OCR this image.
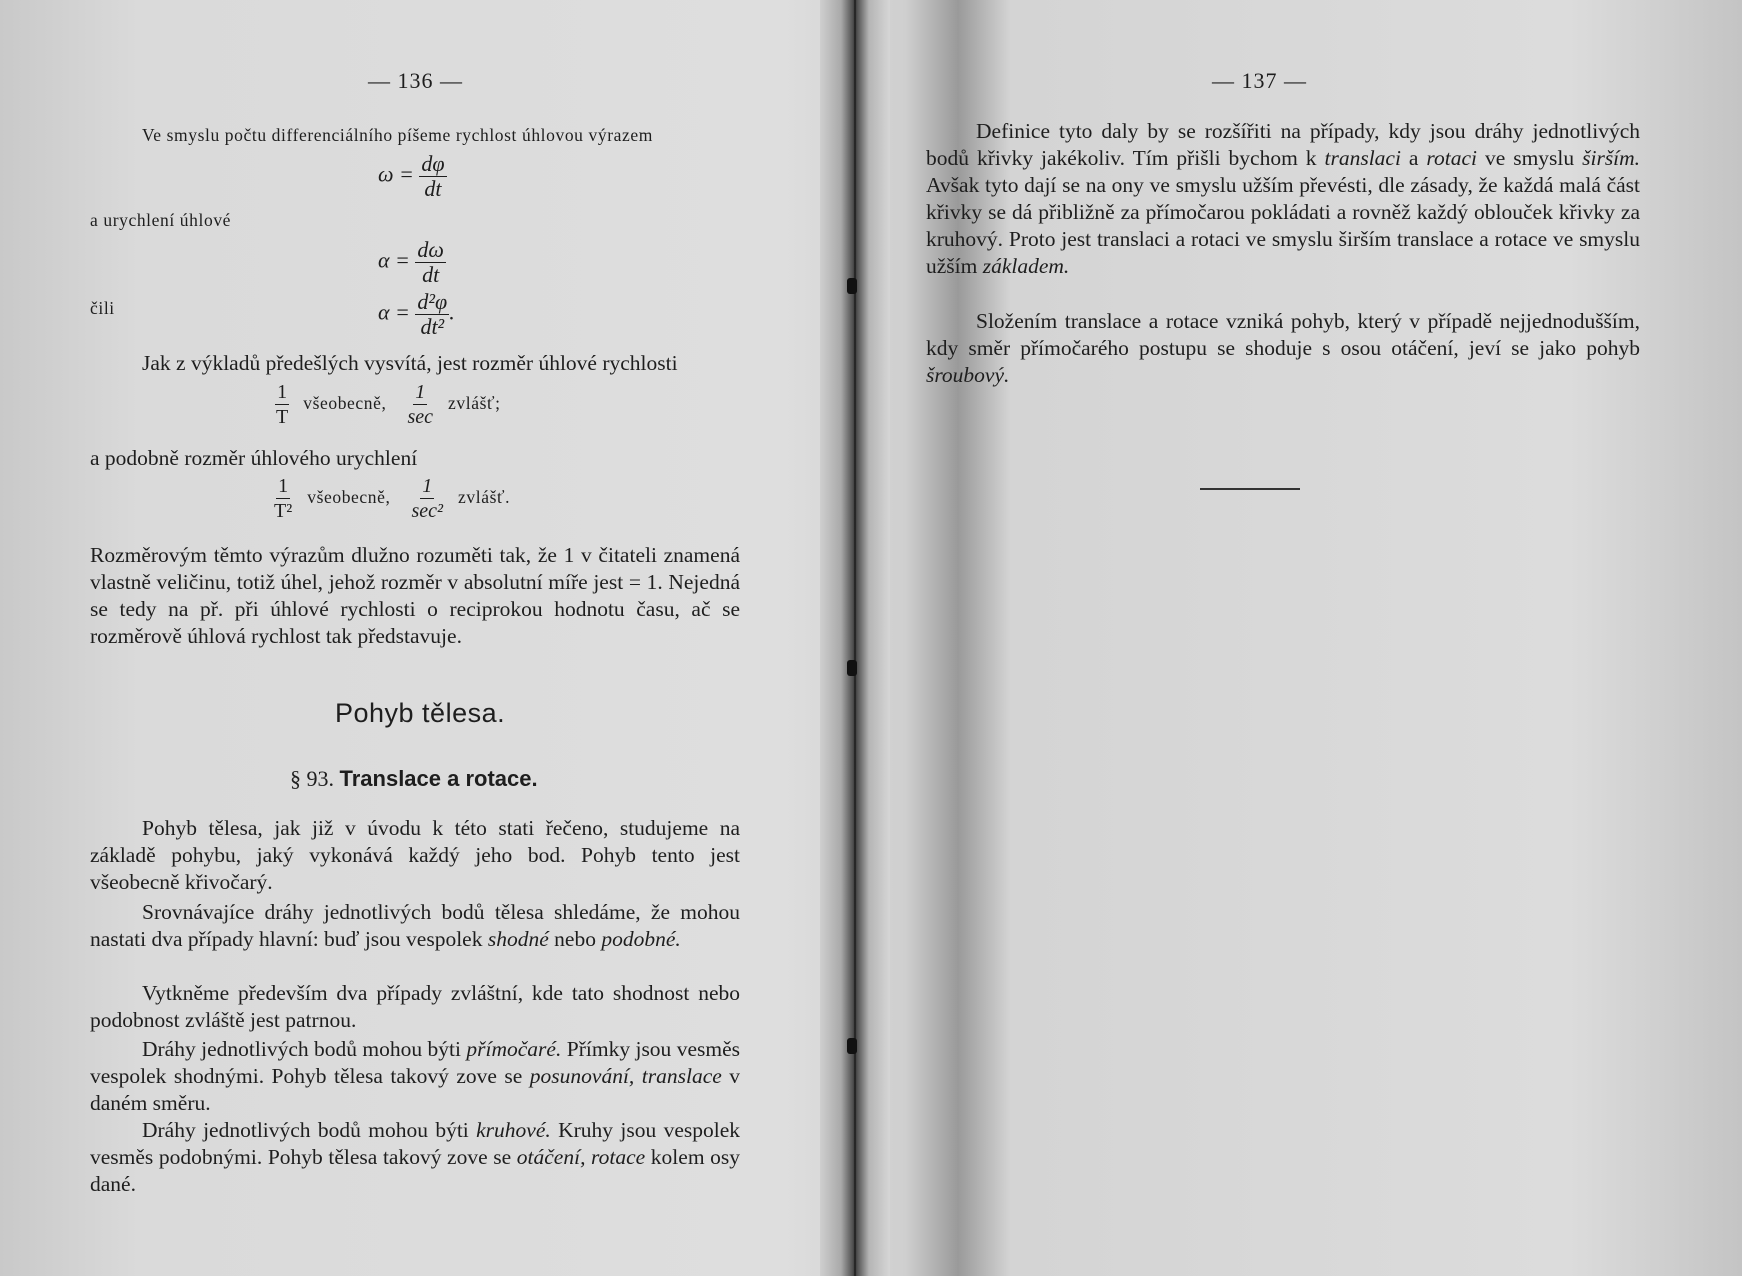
— 136 —
Ve smyslu počtu differenciálního píšeme rychlost úhlovou výrazem
$\omega = \frac{d\varphi}{dt}$
a urychlení úhlové
$\alpha = \frac{d\omega}{dt}$
čili	$\alpha = \frac{\text{d²φ}}{\text{dt²}}$ .
Jak z výkladů předešlých vysvítá, jest rozměr úhlové rychlosti
$\frac{1}{T}$ všeobecně, $\frac{1}{\sec}$ zvlášť;
a podobně rozměr úhlového urychlení
$\frac{1}{\text{T²}}$ všeobecně, $\frac{1}{\text{sec²}}$ zvlášť.
Rozměrovým těmto výrazům dlužno rozuměti tak, že 1 v čitateli znamená vlastně veličinu, totiž úhel, jehož rozměr v absolutní míře jest = 1. Nejedná se tedy na př. při úhlové rychlosti o reciprokou hodnotu času, ač se rozměrově úhlová rychlost tak představuje.
Pohyb tělesa.
§ 93. Translace a rotace.
Pohyb tělesa, jak již v úvodu k této stati řečeno, studujeme na základě pohybu, jaký vykonává každý jeho bod. Pohyb tento jest všeobecně křivočarý.
Srovnávajíce dráhy jednotlivých bodů tělesa shledáme, že mohou nastati dva případy hlavní: buď jsou vespolek shodné nebo podobné.
Vytkněme především dva případy zvláštní, kde tato shodnost nebo podobnost zvláště jest patrnou.
Dráhy jednotlivých bodů mohou býti přímočaré. Přímky jsou vesměs vespolek shodnými. Pohyb tělesa takový zove se posunování, translace v daném směru.
Dráhy jednotlivých bodů mohou býti kruhové. Kruhy jsou vespolek vesměs podobnými. Pohyb tělesa takový zove se otáčení, rotace kolem osy dané.
— 137 —
Definice tyto daly by se rozšířiti na případy, kdy jsou dráhy jednotlivých bodů křivky jakékoliv. Tím přišli bychom k translaci a rotaci ve smyslu širším. Avšak tyto dají se na ony ve smyslu užším převésti, dle zásady, že každá malá část křivky se dá přibližně za přímočarou pokládati a rovněž každý oblouček křivky za kruhový. Proto jest translaci a rotaci ve smyslu širším translace a rotace ve smyslu užším základem.
Složením translace a rotace vzniká pohyb, který v případě nejjednodušším, kdy směr přímočarého postupu se shoduje s osou otáčení, jeví se jako pohyb šroubový.
